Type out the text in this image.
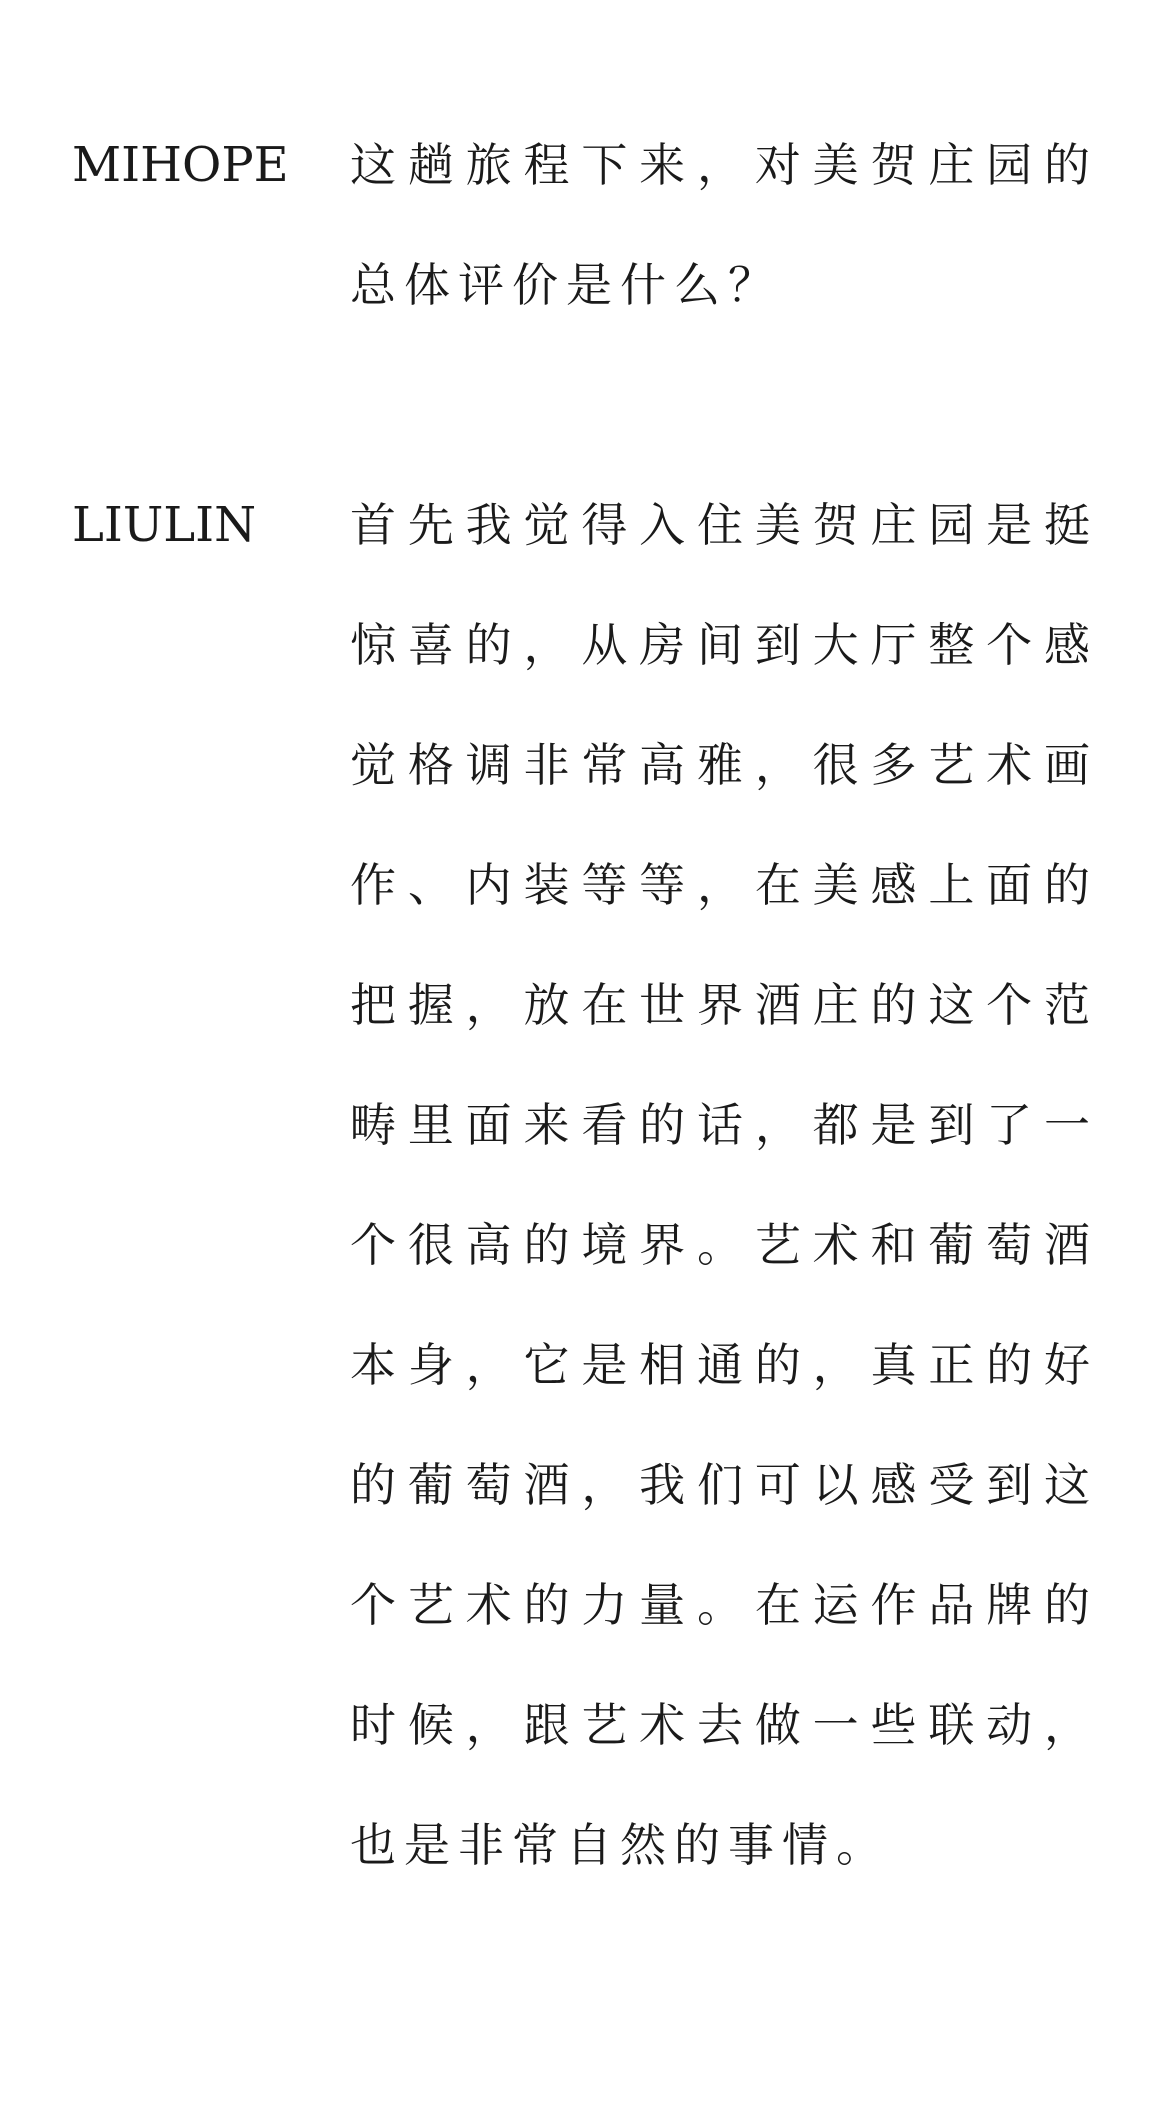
MIHOPE	这趟旅程下来，对美贺庄园的总体评价是什么？
LIULIN	首先我觉得入住美贺庄园是挺惊喜的，从房间到大厅整个感觉格调非常高雅，很多艺术画作、内装等等，在美感上面的把握，放在世界酒庄的这个范畴里面来看的话，都是到了一个很高的境界。艺术和葡萄酒本身，它是相通的，真正的好的葡萄酒，我们可以感受到这个艺术的力量。在运作品牌的时候，跟艺术去做一些联动，也是非常自然的事情。
